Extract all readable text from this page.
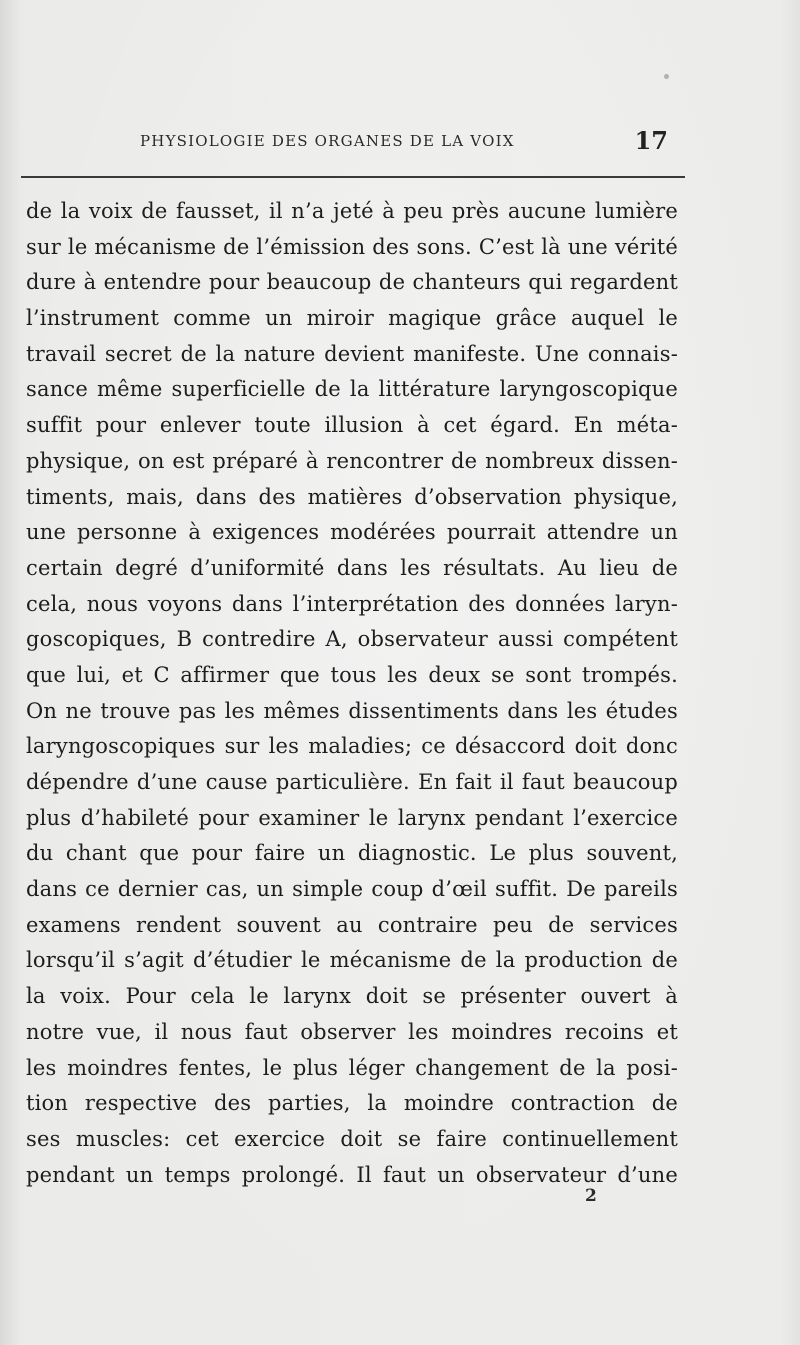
PHYSIOLOGIE DES ORGANES DE LA VOIX	17
de la voix de fausset, il n’a jeté à peu près aucune lumière
sur le mécanisme de l’émission des sons. C’est là une vérité
dure à entendre pour beaucoup de chanteurs qui regardent
l’instrument comme un miroir magique grâce auquel le
travail secret de la nature devient manifeste. Une connais-
sance même superficielle de la littérature laryngoscopique
suffit pour enlever toute illusion à cet égard. En méta-
physique, on est préparé à rencontrer de nombreux dissen-
timents, mais, dans des matières d’observation physique,
une personne à exigences modérées pourrait attendre un
certain degré d’uniformité dans les résultats. Au lieu de
cela, nous voyons dans l’interprétation des données laryn-
goscopiques, B contredire A, observateur aussi compétent
que lui, et C affirmer que tous les deux se sont trompés.
On ne trouve pas les mêmes dissentiments dans les études
laryngoscopiques sur les maladies; ce désaccord doit donc
dépendre d’une cause particulière. En fait il faut beaucoup
plus d’habileté pour examiner le larynx pendant l’exercice
du chant que pour faire un diagnostic. Le plus souvent,
dans ce dernier cas, un simple coup d’œil suffit. De pareils
examens rendent souvent au contraire peu de services
lorsqu’il s’agit d’étudier le mécanisme de la production de
la voix. Pour cela le larynx doit se présenter ouvert à
notre vue, il nous faut observer les moindres recoins et
les moindres fentes, le plus léger changement de la posi-
tion respective des parties, la moindre contraction de
ses muscles: cet exercice doit se faire continuellement
pendant un temps prolongé. Il faut un observateur d’une
2
